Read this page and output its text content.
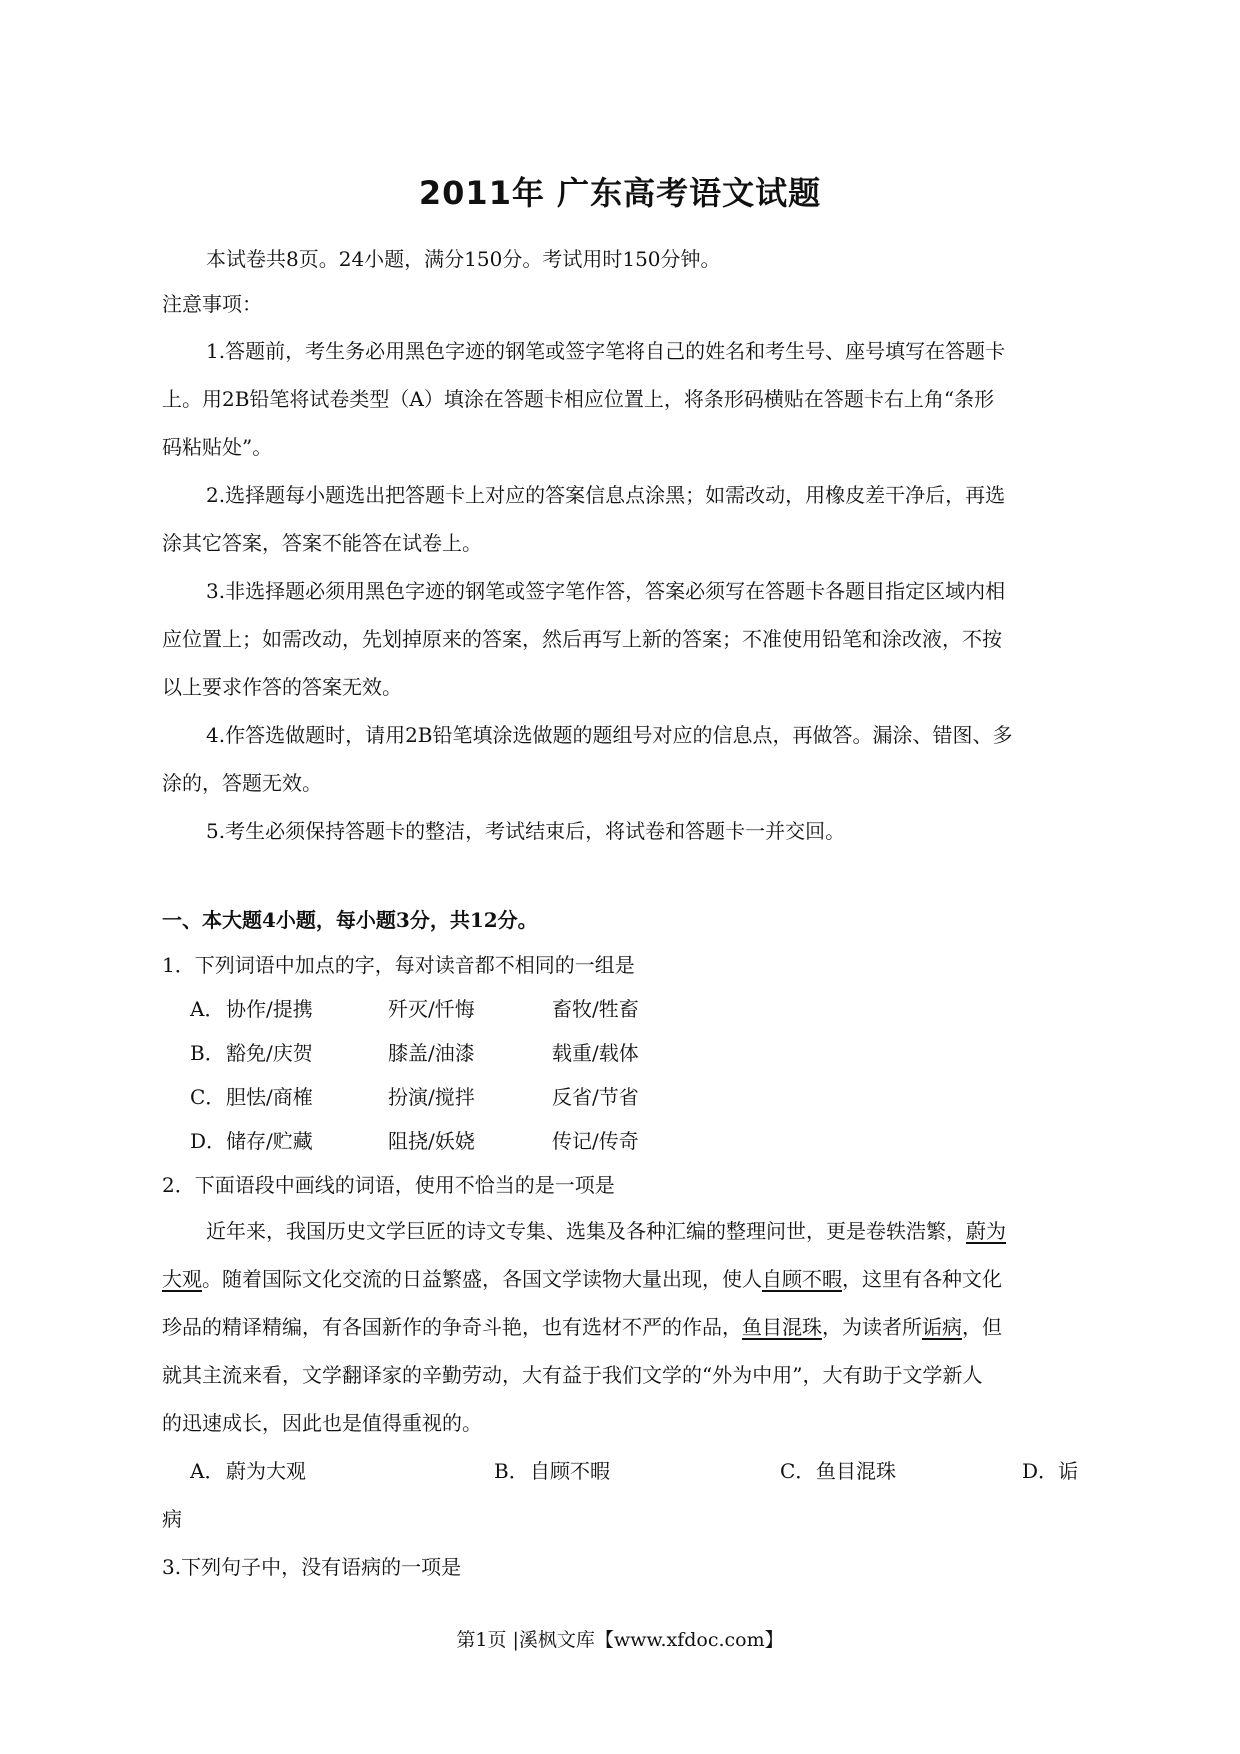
2011年 广东高考语文试题
本试卷共8页。24小题，满分150分。考试用时150分钟。
注意事项：
1.答题前，考生务必用黑色字迹的钢笔或签字笔将自己的姓名和考生号、座号填写在答题卡
上。用2B铅笔将试卷类型（A）填涂在答题卡相应位置上，将条形码横贴在答题卡右上角“条形
码粘贴处”。
2.选择题每小题选出把答题卡上对应的答案信息点涂黑；如需改动，用橡皮差干净后，再选
涂其它答案，答案不能答在试卷上。
3.非选择题必须用黑色字迹的钢笔或签字笔作答，答案必须写在答题卡各题目指定区域内相
应位置上；如需改动，先划掉原来的答案，然后再写上新的答案；不准使用铅笔和涂改液，不按
以上要求作答的答案无效。
4.作答选做题时，请用2B铅笔填涂选做题的题组号对应的信息点，再做答。漏涂、错图、多
涂的，答题无效。
5.考生必须保持答题卡的整洁，考试结束后，将试卷和答题卡一并交回。
一、本大题4小题，每小题3分，共12分。
1．下列词语中加点的字，每对读音都不相同的一组是
A． 协作/提携	歼灭/忏悔	畜牧/牲畜
B． 豁免/庆贺	膝盖/油漆	载重/载体
C． 胆怯/商榷	扮演/搅拌	反省/节省
D． 储存/贮藏	阻挠/妖娆	传记/传奇
2．下面语段中画线的词语，使用不恰当的是一项是
近年来，我国历史文学巨匠的诗文专集、选集及各种汇编的整理问世，更是卷轶浩繁，蔚为
大观。随着国际文化交流的日益繁盛，各国文学读物大量出现，使人自顾不暇，这里有各种文化
珍品的精译精编，有各国新作的争奇斗艳，也有选材不严的作品，鱼目混珠，为读者所诟病，但
就其主流来看，文学翻译家的辛勤劳动，大有益于我们文学的“外为中用”，大有助于文学新人
的迅速成长，因此也是值得重视的。
A． 蔚为大观	B． 自顾不暇	C． 鱼目混珠	D． 诟
病
3.下列句子中，没有语病的一项是
第1页 |溪枫文库【www.xfdoc.com】
